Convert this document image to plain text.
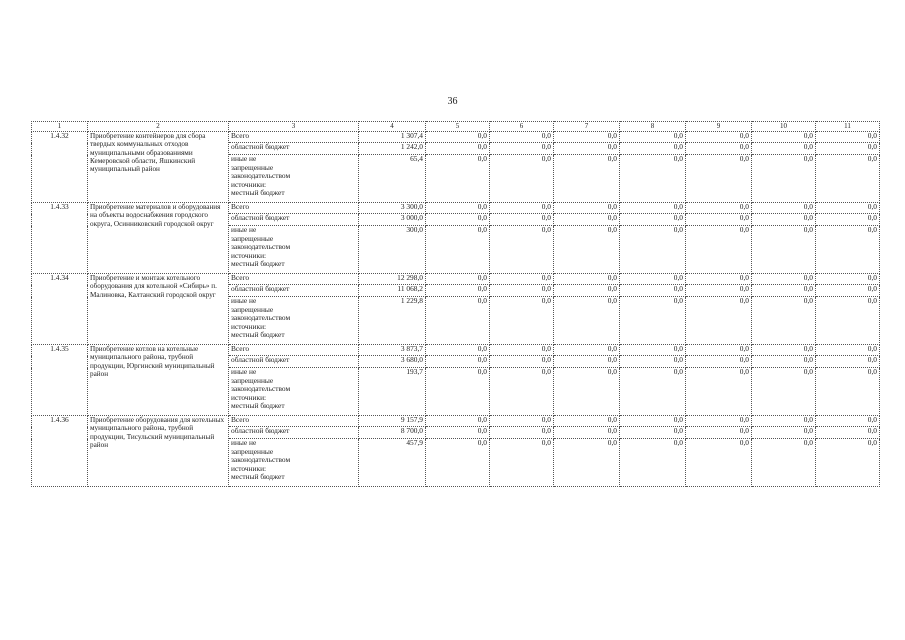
36
1	2	3	4	5	6	7	8	9	10	11
1.4.32	Приобретение контейнеров для сбора твердых коммунальных отходов муниципальными образованиями Кемеровской области, Яшкинский муниципальный район	Всего	1 307,4	0,0	0,0	0,0	0,0	0,0	0,0	0,0
		областной бюджет	1 242,0	0,0	0,0	0,0	0,0	0,0	0,0	0,0

		иные не
запрещенные
законодательством
источники:
местный бюджет	65,4	0,0	0,0	0,0	0,0	0,0	0,0	0,0
1.4.33	Приобретение материалов и оборудования на объекты водоснабжения городского округа, Осинниковский городской округ	Всего	3 300,0	0,0	0,0	0,0	0,0	0,0	0,0	0,0
		областной бюджет	3 000,0	0,0	0,0	0,0	0,0	0,0	0,0	0,0

		иные не
запрещенные
законодательством
источники:
местный бюджет	300,0	0,0	0,0	0,0	0,0	0,0	0,0	0,0
1.4.34	Приобретение и монтаж котельного оборудования для котельной «Сибирь» п. Малиновка, Калтанский городской округ	Всего	12 298,0	0,0	0,0	0,0	0,0	0,0	0,0	0,0
		областной бюджет	11 068,2	0,0	0,0	0,0	0,0	0,0	0,0	0,0

		иные не
запрещенные
законодательством
источники:
местный бюджет	1 229,8	0,0	0,0	0,0	0,0	0,0	0,0	0,0
1.4.35	Приобретение котлов на котельные муниципального района, трубной продукции, Юргинский муниципальный район	Всего	3 873,7	0,0	0,0	0,0	0,0	0,0	0,0	0,0
		областной бюджет	3 680,0	0,0	0,0	0,0	0,0	0,0	0,0	0,0

		иные не
запрещенные
законодательством
источники:
местный бюджет	193,7	0,0	0,0	0,0	0,0	0,0	0,0	0,0
1.4.36	Приобретение оборудования для котельных муниципального района, трубной продукции, Тисульский муниципальный район	Всего	9 157,9	0,0	0,0	0,0	0,0	0,0	0,0	0,0
		областной бюджет	8 700,0	0,0	0,0	0,0	0,0	0,0	0,0	0,0

		иные не
запрещенные
законодательством
источники:
местный бюджет	457,9	0,0	0,0	0,0	0,0	0,0	0,0	0,0
